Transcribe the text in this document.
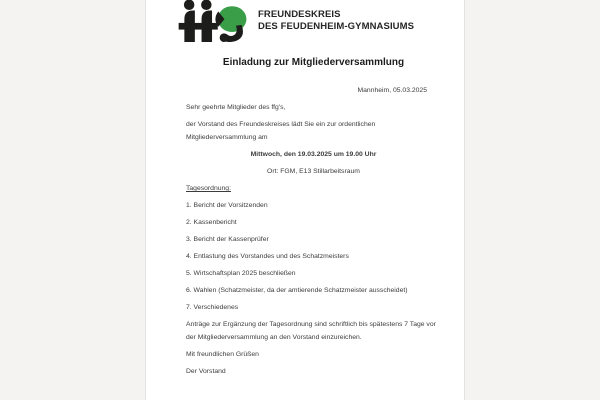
FREUNDESKREIS
DES FEUDENHEIM-GYMNASIUMS
Einladung zur Mitgliederversammlung
Mannheim, 05.03.2025

Sehr geehrte Mitglieder des ffg's,

der Vorstand des Freundeskreises lädt Sie ein zur ordentlichen Mitgliederversammlung am

Mittwoch, den 19.03.2025 um 19.00 Uhr

Ort: FGM, E13 Stillarbeitsraum

Tagesordnung:

1. Bericht der Vorsitzenden

2. Kassenbericht

3. Bericht der Kassenprüfer

4. Entlastung des Vorstandes und des Schatzmeisters

5. Wirtschaftsplan 2025 beschließen

6. Wahlen (Schatzmeister, da der amtierende Schatzmeister ausscheidet)

7. Verschiedenes

Anträge zur Ergänzung der Tagesordnung sind schriftlich bis spätestens 7 Tage vor der Mitgliederversammlung an den Vorstand einzureichen.

Mit freundlichen Grüßen

Der Vorstand
